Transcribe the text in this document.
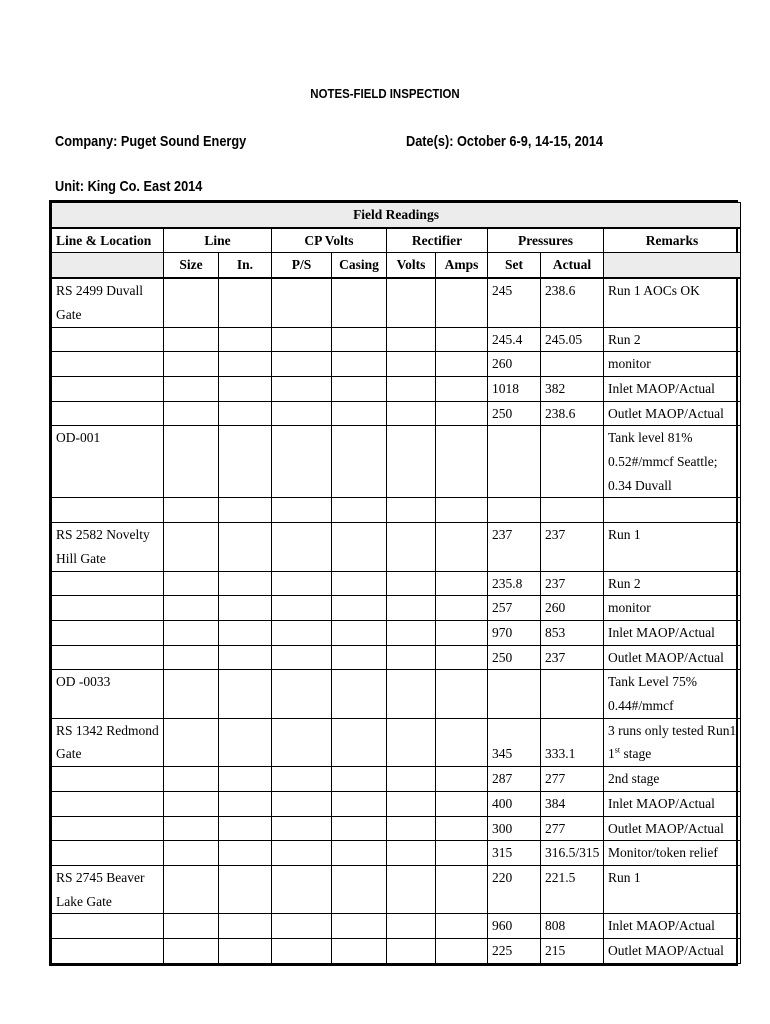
NOTES-FIELD INSPECTION
Company: Puget Sound Energy	Date(s): October 6-9, 14-15, 2014
Unit: King Co. East 2014
Field Readings									
Line & Location	Line		CP Volts		Rectifier		Pressures		Remarks
	Size	In.	P/S	Casing	Volts	Amps	Set	Actual	
RS 2499 Duvall Gate							245	238.6	Run 1 AOCs OK
							245.4	245.05	Run 2
							260		monitor
							1018	382	Inlet MAOP/Actual
							250	238.6	Outlet MAOP/Actual
OD-001									Tank level 81% 0.52#/mmcf Seattle; 0.34 Duvall

RS 2582 Novelty Hill Gate							237	237	Run 1
							235.8	237	Run 2
							257	260	monitor
							970	853	Inlet MAOP/Actual
							250	237	Outlet MAOP/Actual
OD -0033									Tank Level 75% 0.44#/mmcf
RS 1342 Redmond Gate							345	333.1	3 runs only tested Run1
1st stage

							287	277	2nd stage
							400	384	Inlet MAOP/Actual
							300	277	Outlet MAOP/Actual
							315	316.5/315	Monitor/token relief
RS 2745 Beaver Lake Gate							220	221.5	Run 1
							960	808	Inlet MAOP/Actual
							225	215	Outlet MAOP/Actual
